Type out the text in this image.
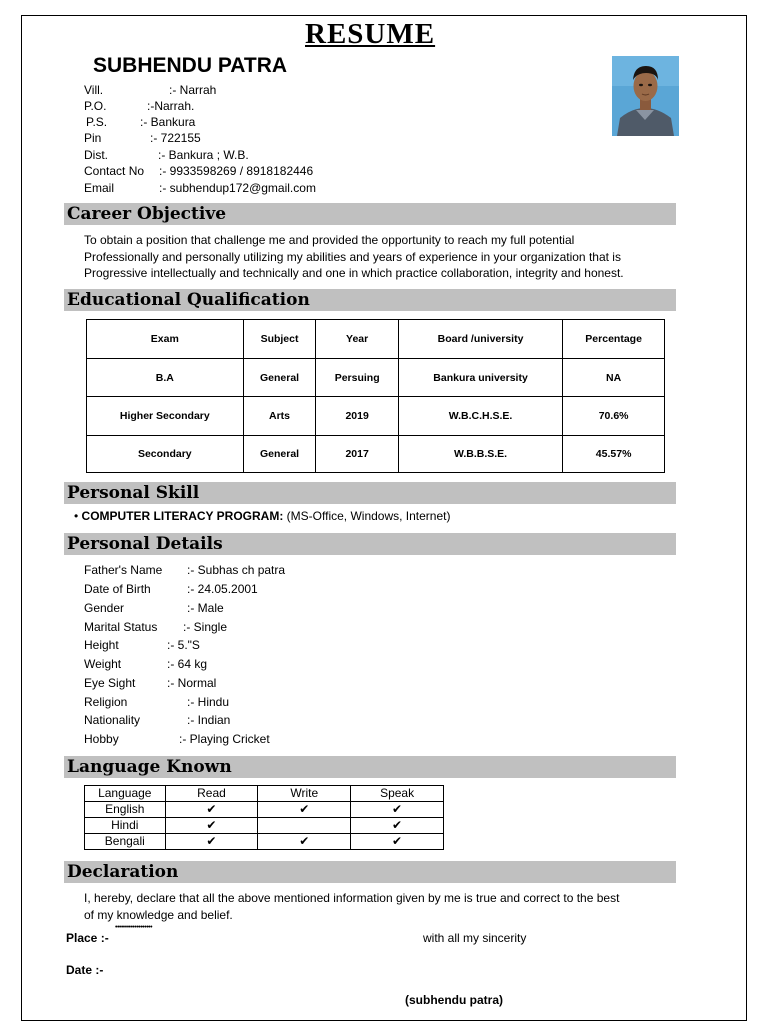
RESUME
SUBHENDU PATRA
Vill.	:- Narrah
P.O.	:-Narrah.
P.S.	:- Bankura
Pin	:- 722155
Dist.	:- Bankura ; W.B.
Contact No :- 9933598269 / 8918182446
Email	:- subhendup172@gmail.com
Career Objective
To obtain a position that challenge me and provided the opportunity to reach my full potential
Professionally and personally utilizing my abilities and years of experience in your organization that is
Progressive intellectually and technically and one in which practice collaboration, integrity and honest.
Educational Qualification
Exam	Subject	Year	Board /university	Percentage
B.A	General	Persuing	Bankura university	NA
Higher Secondary	Arts	2019	W.B.C.H.S.E.	70.6%
Secondary	General	2017	W.B.B.S.E.	45.57%
Personal Skill
• COMPUTER LITERACY PROGRAM: (MS-Office, Windows, Internet)
Personal Details
Father's Name :- Subhas ch patra
Date of Birth	:- 24.05.2001
Gender	:- Male
Marital Status :- Single
Height	:- 5."S
Weight	:- 64 kg
Eye Sight	:- Normal
Religion	:- Hindu
Nationality	:- Indian
Hobby	:- Playing Cricket
Language Known
Language	Read	Write	Speak
English	✔	✔	✔
Hindi	✔		✔
Bengali	✔	✔	✔
Declaration
I, hereby, declare that all the above mentioned information given by me is true and correct to the best
of my knowledge and belief.
Place :-
•••••••••••••••••••
with all my sincerity
Date :-
(subhendu patra)
